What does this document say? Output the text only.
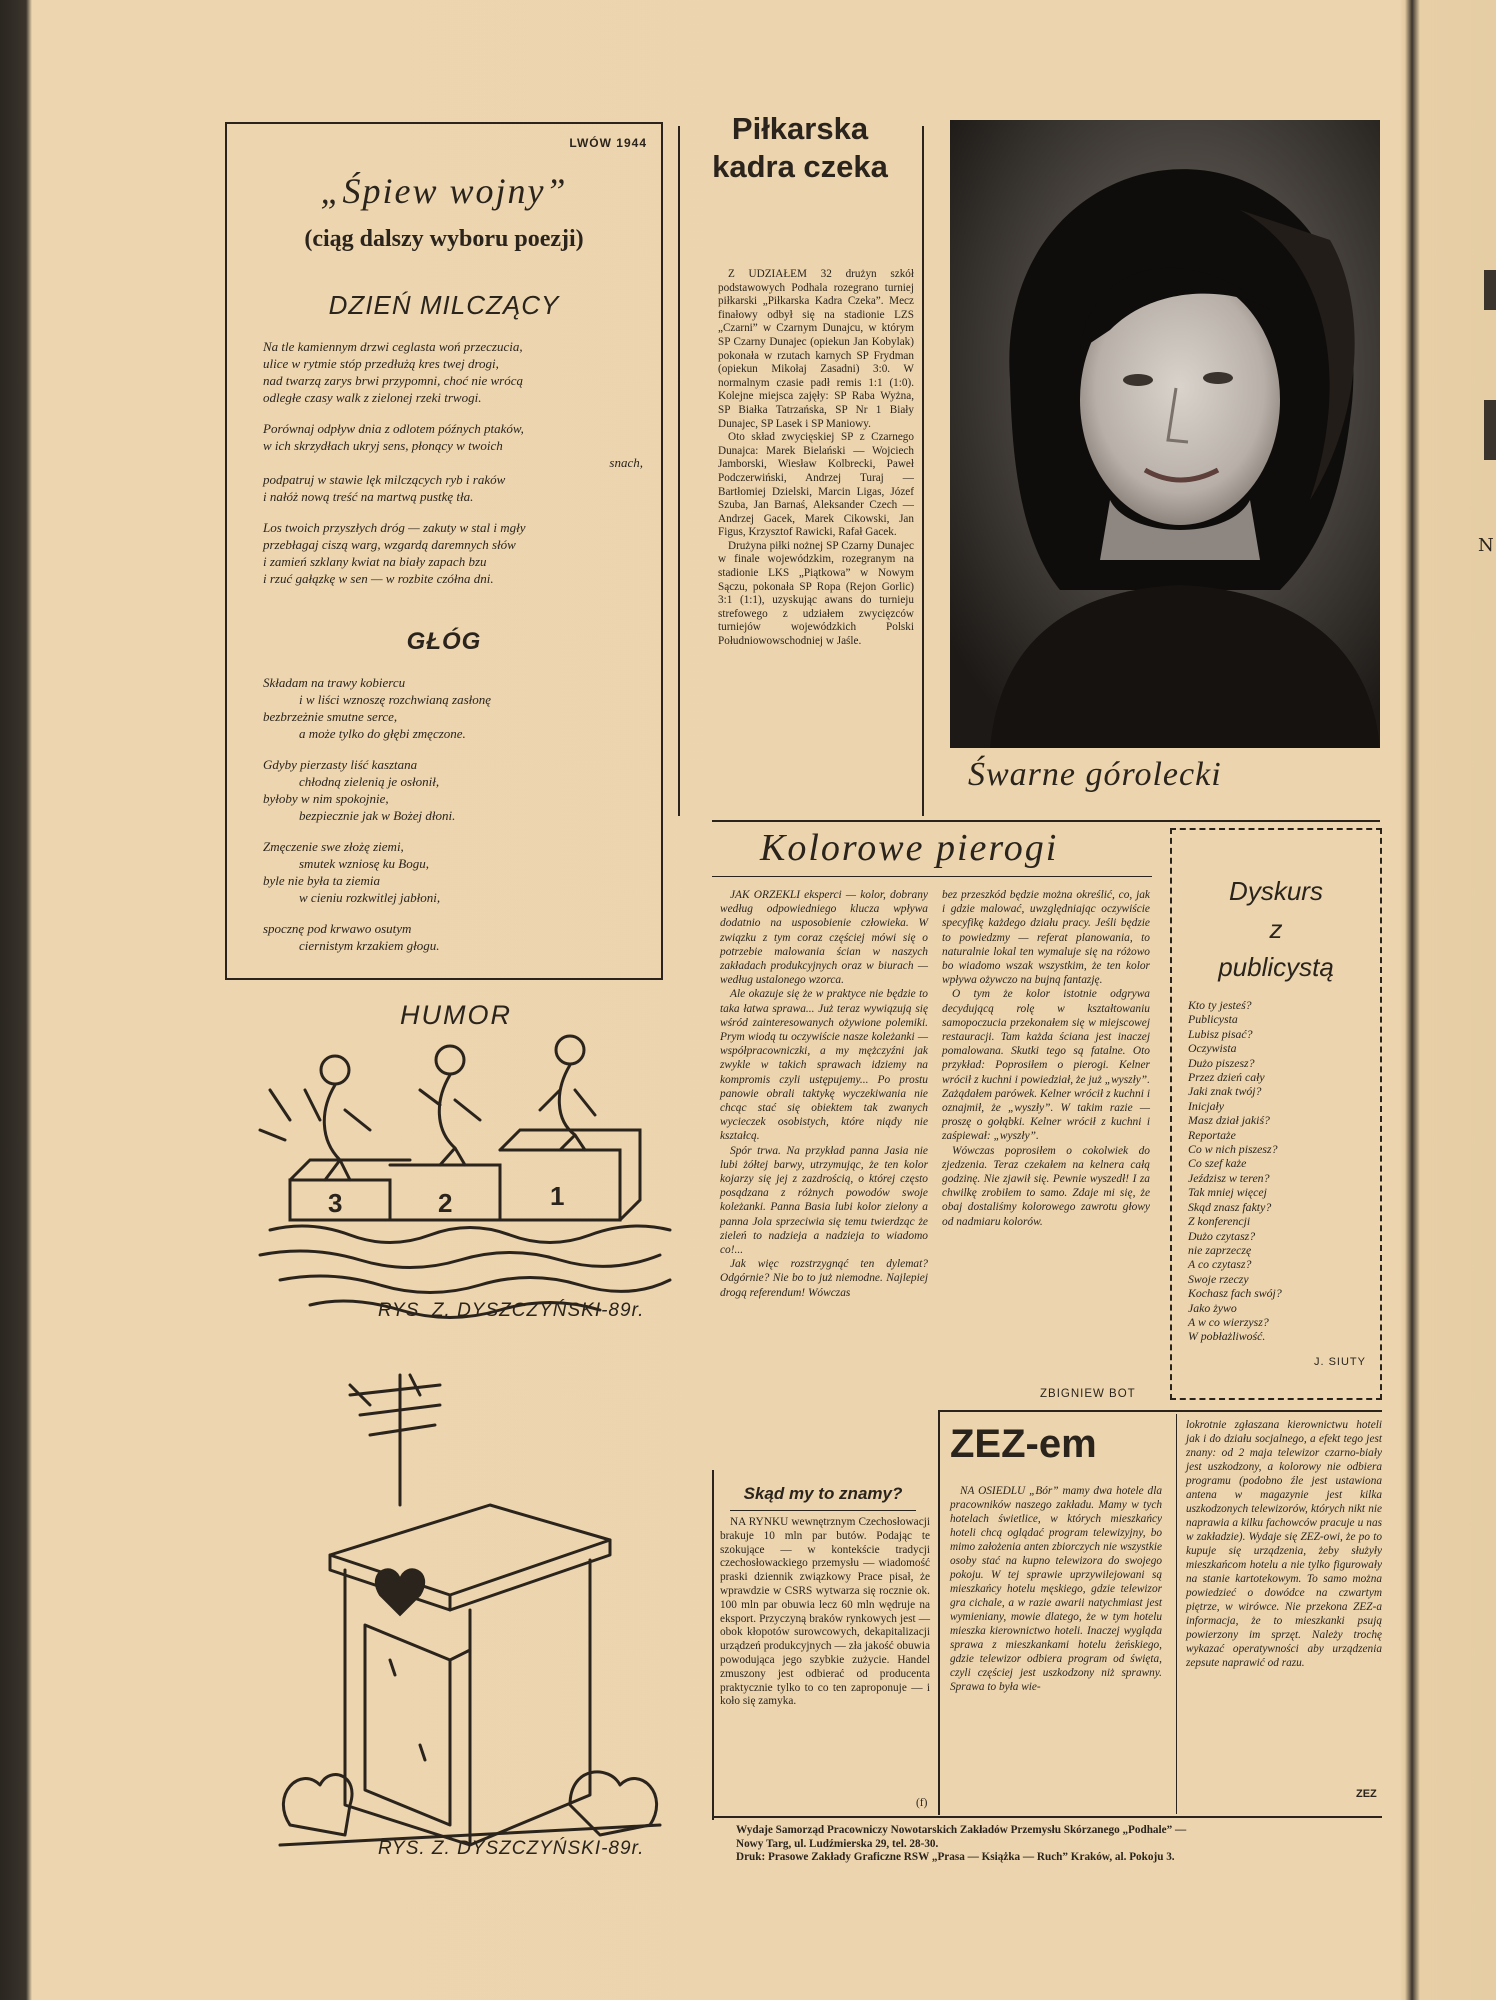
N
LWÓW 1944
„Śpiew wojny”
(ciąg dalszy wyboru poezji)
DZIEŃ MILCZĄCY

Na tle kamiennym drzwi ceglasta woń przeczucia,

ulice w rytmie stóp przedłużą kres twej drogi,

nad twarzą zarys brwi przypomni, choć nie wrócą

odległe czasy walk z zielonej rzeki trwogi.

Porównaj odpływ dnia z odlotem późnych ptaków,

w ich skrzydłach ukryj sens, płonący w twoich

snach,

podpatruj w stawie lęk milczących ryb i raków

i nałóż nową treść na martwą pustkę tła.

Los twoich przyszłych dróg — zakuty w stal i mgły

przebłagaj ciszą warg, wzgardą daremnych słów

i zamień szklany kwiat na biały zapach bzu

i rzuć gałązkę w sen — w rozbite czółna dni.

GŁÓG

Składam na trawy kobiercu

i w liści wznoszę rozchwianą zasłonę

bezbrzeżnie smutne serce,

a może tylko do głębi zmęczone.

Gdyby pierzasty liść kasztana

chłodną zielenią je osłonił,

byłoby w nim spokojnie,

bezpiecznie jak w Bożej dłoni.

Zmęczenie swe złożę ziemi,

smutek wzniosę ku Bogu,

byle nie była ta ziemia

w cieniu rozkwitlej jabłoni,

spocznę pod krwawo osutym

ciernistym krzakiem głogu.

Piłkarska kadra czeka

Z UDZIAŁEM 32 drużyn szkół podstawowych Podhala rozegrano turniej piłkarski „Piłkarska Kadra Czeka”. Mecz finałowy odbył się na stadionie LZS „Czarni” w Czarnym Dunajcu, w którym SP Czarny Dunajec (opiekun Jan Kobylak) pokonała w rzutach karnych SP Frydman (opiekun Mikołaj Zasadni) 3:0. W normalnym czasie padł remis 1:1 (1:0). Kolejne miejsca zajęły: SP Raba Wyżna, SP Białka Tatrzańska, SP Nr 1 Biały Dunajec, SP Lasek i SP Maniowy.

Oto skład zwycięskiej SP z Czarnego Dunajca: Marek Bielański — Wojciech Jamborski, Wiesław Kolbrecki, Paweł Podczerwiński, Andrzej Turaj — Bartłomiej Dzielski, Marcin Ligas, Józef Szuba, Jan Barnaś, Aleksander Czech — Andrzej Gacek, Marek Cikowski, Jan Figus, Krzysztof Rawicki, Rafał Gacek.

Drużyna piłki nożnej SP Czarny Dunajec w finale wojewódzkim, rozegranym na stadionie LKS „Piątkowa” w Nowym Sączu, pokonała SP Ropa (Rejon Gorlic) 3:1 (1:1), uzyskując awans do turnieju strefowego z udziałem zwycięzców turniejów wojewódzkich Polski Południowowschodniej w Jaśle.

Śwarne górolecki
HUMOR
3	2	1
RYS. Z. DYSZCZYŃSKI-89r.
RYS. Z. DYSZCZYŃSKI-89r.
Kolorowe pierogi

JAK ORZEKLI eksperci — kolor, dobrany według odpowiedniego klucza wpływa dodatnio na usposobienie człowieka. W związku z tym coraz częściej mówi się o potrzebie malowania ścian w naszych zakładach produkcyjnych oraz w biurach — według ustalonego wzorca.

Ale okazuje się że w praktyce nie będzie to taka łatwa sprawa... Już teraz wywiązują się wśród zainteresowanych ożywione polemiki. Prym wiodą tu oczywiście nasze koleżanki — współpracowniczki, a my mężczyźni jak zwykle w takich sprawach idziemy na kompromis czyli ustępujemy... Po prostu panowie obrali taktykę wyczekiwania nie chcąc stać się obiektem tak zwanych wycieczek osobistych, które niądy nie kształcą.

Spór trwa. Na przykład panna Jasia nie lubi żółtej barwy, utrzymując, że ten kolor kojarzy się jej z zazdrością, o której często posądzana z różnych powodów swoje koleżanki. Panna Basia lubi kolor zielony a panna Jola sprzeciwia się temu twierdząc że zieleń to nadzieja a nadzieja to wiadomo co!...

Jak więc rozstrzygnąć ten dylemat? Odgórnie? Nie bo to już niemodne. Najlepiej drogą referendum! Wówczas

bez przeszkód będzie można określić, co, jak i gdzie malować, uwzględniając oczywiście specyfikę każdego działu pracy. Jeśli będzie to powiedzmy — referat planowania, to naturalnie lokal ten wymaluje się na różowo bo wiadomo wszak wszystkim, że ten kolor wpływa ożywczo na bujną fantazję.

O tym że kolor istotnie odgrywa decydującą rolę w kształtowaniu samopoczucia przekonałem się w miejscowej restauracji. Tam każda ściana jest inaczej pomalowana. Skutki tego są fatalne. Oto przykład: Poprosiłem o pierogi. Kelner wrócił z kuchni i powiedział, że już „wyszły”. Zażądałem parówek. Kelner wrócił z kuchni i oznajmił, że „wyszły”. W takim razie — proszę o gołąbki. Kelner wrócił z kuchni i zaśpiewał: „wyszły”.

Wówczas poprosiłem o cokolwiek do zjedzenia. Teraz czekałem na kelnera całą godzinę. Nie zjawił się. Pewnie wyszedł! I za chwilkę zrobiłem to samo. Zdaje mi się, że obaj dostaliśmy kolorowego zawrotu głowy od nadmiaru kolorów.

ZBIGNIEW BOT
Dyskurs
z
publicystą
Kto ty jesteś?
Publicysta
Lubisz pisać?
Oczywista
Dużo piszesz?
Przez dzień cały
Jaki znak twój?
Inicjały
Masz dział jakiś?
Reportaże
Co w nich piszesz?
Co szef każe
Jeździsz w teren?
Tak mniej więcej
Skąd znasz fakty?
Z konferencji
Dużo czytasz?
nie zaprzeczę
A co czytasz?
Swoje rzeczy
Kochasz fach swój?
Jako żywo
A w co wierzysz?
W pobłażliwość.
J. SIUTY
Skąd my to znamy?
NA RYNKU wewnętrznym Czechosłowacji brakuje 10 mln par butów. Podając te szokujące — w kontekście tradycji czechosłowackiego przemysłu — wiadomość praski dziennik związkowy Prace pisał, że wprawdzie w CSRS wytwarza się rocznie ok. 100 mln par obuwia lecz 60 mln wędruje na eksport. Przyczyną braków rynkowych jest — obok kłopotów surowcowych, dekapitalizacji urządzeń produkcyjnych — zła jakość obuwia powodująca jego szybkie zużycie. Handel zmuszony jest odbierać od producenta praktycznie tylko to co ten zaproponuje — i koło się zamyka.
(f)
ZEZ-em
NA OSIEDLU „Bór” mamy dwa hotele dla pracowników naszego zakładu. Mamy w tych hotelach świetlice, w których mieszkańcy hoteli chcą oglądać program telewizyjny, bo mimo założenia anten zbiorczych nie wszystkie osoby stać na kupno telewizora do swojego pokoju. W tej sprawie uprzywilejowani są mieszkańcy hotelu męskiego, gdzie telewizor gra cichale, a w razie awarii natychmiast jest wymieniany, mowie dlatego, że w tym hotelu mieszka kierownictwo hoteli. Inaczej wygląda sprawa z mieszkankami hotelu żeńskiego, gdzie telewizor odbiera program od święta, czyli częściej jest uszkodzony niż sprawny. Sprawa to była wie-
lokrotnie zgłaszana kierownictwu hoteli jak i do działu socjalnego, a efekt tego jest znany: od 2 maja telewizor czarno-biały jest uszkodzony, a kolorowy nie odbiera programu (podobno źle jest ustawiona antena w magazynie jest kilka uszkodzonych telewizorów, których nikt nie naprawia a kilku fachowców pracuje u nas w zakładzie). Wydaje się ZEZ-owi, że po to kupuje się urządzenia, żeby służyły mieszkańcom hotelu a nie tylko figurowały na stanie kartotekowym. To samo można powiedzieć o dowódce na czwartym piętrze, w wirówce. Nie przekona ZEZ-a informacja, że to mieszkanki psują powierzony im sprzęt. Należy trochę wykazać operatywności aby urządzenia zepsute naprawić od razu.
ZEZ
Wydaje Samorząd Pracowniczy Nowotarskich Zakładów Przemysłu Skórzanego „Podhale” —
Nowy Targ, ul. Ludźmierska 29, tel. 28-30.
Druk: Prasowe Zakłady Graficzne RSW „Prasa — Książka — Ruch” Kraków, al. Pokoju 3.
